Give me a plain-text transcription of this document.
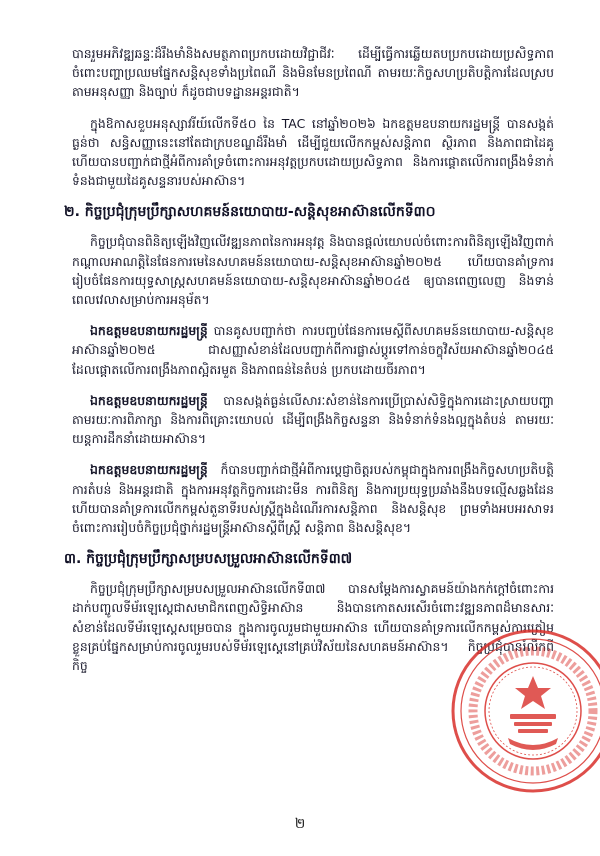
បានរួមអភិវឌ្ឍឆន្ទៈដ៏រឹងមាំនិងសមត្ថភាពប្រកបដោយវិជ្ជាជីវៈ ដើម្បីធ្វើការឆ្លើយតបប្រកបដោយប្រសិទ្ធភាពចំពោះបញ្ហាប្រឈមផ្នែកសន្តិសុខទាំងប្រពៃណី និងមិនមែនប្រពៃណី តាមរយៈកិច្ចសហប្រតិបត្តិការដែលស្របតាមអនុសញ្ញា និងច្បាប់ ក៏ដូចជាបទដ្ឋានអន្តរជាតិ។

ក្នុងឱកាសខួបអនុស្សាវរីយ៍លើកទី៥០ នៃ TAC នៅឆ្នាំ២០២៦ ឯកឧត្តមឧបនាយករដ្ឋមន្ត្រី បានសង្កត់ធ្ងន់ថា សន្ធិសញ្ញានេះនៅតែជាក្របខណ្ឌដ៏រឹងមាំ ដើម្បីជួយលើកកម្ពស់សន្តិភាព ស្ថិរភាព និងភាពជាដៃគូ ហើយបានបញ្ជាក់ជាថ្មីអំពីការគាំទ្រចំពោះការអនុវត្តប្រកបដោយប្រសិទ្ធភាព និងការផ្តោតលើការពង្រឹងទំនាក់ទំនងជាមួយដៃគូសន្ទនារបស់អាស៊ាន។

២. កិច្ចប្រជុំក្រុមប្រឹក្សាសហគមន៍នយោបាយ-សន្តិសុខអាស៊ានលើកទី៣០

កិច្ចប្រជុំបានពិនិត្យឡើងវិញលើវឌ្ឍនភាពនៃការអនុវត្ត និងបានផ្តល់យោបល់ចំពោះការពិនិត្យឡើងវិញពាក់កណ្តាលអាណត្តិនៃផែនការមេនៃសហគមន៍នយោបាយ-សន្តិសុខអាស៊ានឆ្នាំ២០២៥ ហើយបានគាំទ្រការរៀបចំផែនការយុទ្ធសាស្ត្រសហគមន៍នយោបាយ-សន្តិសុខអាស៊ានឆ្នាំ២០៤៥ ឲ្យបានពេញលេញ និងទាន់ពេលវេលាសម្រាប់ការអនុម័ត។

ឯកឧត្តមឧបនាយករដ្ឋមន្ត្រី បានគូសបញ្ជាក់ថា ការបញ្ចប់ផែនការមេស្តីពីសហគមន៍នយោបាយ-សន្តិសុខអាស៊ានឆ្នាំ២០២៥ ជាសញ្ញាសំខាន់ដែលបញ្ជាក់ពីការផ្លាស់ប្តូរទៅកាន់ចក្ខុវិស័យអាស៊ានឆ្នាំ២០៤៥ ដែលផ្តោតលើការពង្រឹងភាពស្អិតរមួត និងភាពធន់នៃតំបន់ ប្រកបដោយចីរភាព។

ឯកឧត្តមឧបនាយករដ្ឋមន្ត្រី បានសង្កត់ធ្ងន់លើសារៈសំខាន់នៃការប្រើប្រាស់សិទ្ធិក្នុងការដោះស្រាយបញ្ហាតាមរយៈការពិភាក្សា និងការពិគ្រោះយោបល់ ដើម្បីពង្រឹងកិច្ចសន្ទនា និងទំនាក់ទំនងល្អក្នុងតំបន់ តាមរយៈយន្តការដឹកនាំដោយអាស៊ាន។

ឯកឧត្តមឧបនាយករដ្ឋមន្ត្រី ក៏បានបញ្ជាក់ជាថ្មីអំពីការប្តេជ្ញាចិត្តរបស់កម្ពុជាក្នុងការពង្រឹងកិច្ចសហប្រតិបត្តិការតំបន់ និងអន្តរជាតិ ក្នុងការអនុវត្តកិច្ចការដោះមីន ការពិនិត្យ និងការប្រយុទ្ធប្រឆាំងនឹងបទល្មើសឆ្លងដែន ហើយបានគាំទ្រការលើកកម្ពស់តួនាទីរបស់ស្ត្រីក្នុងដំណើរការសន្តិភាព និងសន្តិសុខ ព្រមទាំងអបអរសាទរចំពោះការរៀបចំកិច្ចប្រជុំថ្នាក់រដ្ឋមន្ត្រីអាស៊ានស្តីពីស្ត្រី សន្តិភាព និងសន្តិសុខ។

៣. កិច្ចប្រជុំក្រុមប្រឹក្សាសម្របសម្រួលអាស៊ានលើកទី៣៧

កិច្ចប្រជុំក្រុមប្រឹក្សាសម្របសម្រួលអាស៊ានលើកទី៣៧ បានសម្តែងការស្វាគមន៍យ៉ាងកក់ក្តៅចំពោះការដាក់បញ្ចូលទីម័រឡេស្តេជាសមាជិកពេញសិទ្ធិអាស៊ាន និងបានកោតសរសើរចំពោះវឌ្ឍនភាពដ៏មានសារៈសំខាន់ដែលទីម័រឡេស្តេសម្រេចបាន ក្នុងការចូលរួមជាមួយអាស៊ាន ហើយបានគាំទ្រការលើកកម្ពស់ការត្រៀមខ្លួនគ្រប់ផ្នែកសម្រាប់ការចូលរួមរបស់ទីម័រឡេស្តេនៅគ្រប់វិស័យនៃសហគមន៍អាស៊ាន។ កិច្ចប្រជុំបានរំលឹកពីកិច្ច

២
